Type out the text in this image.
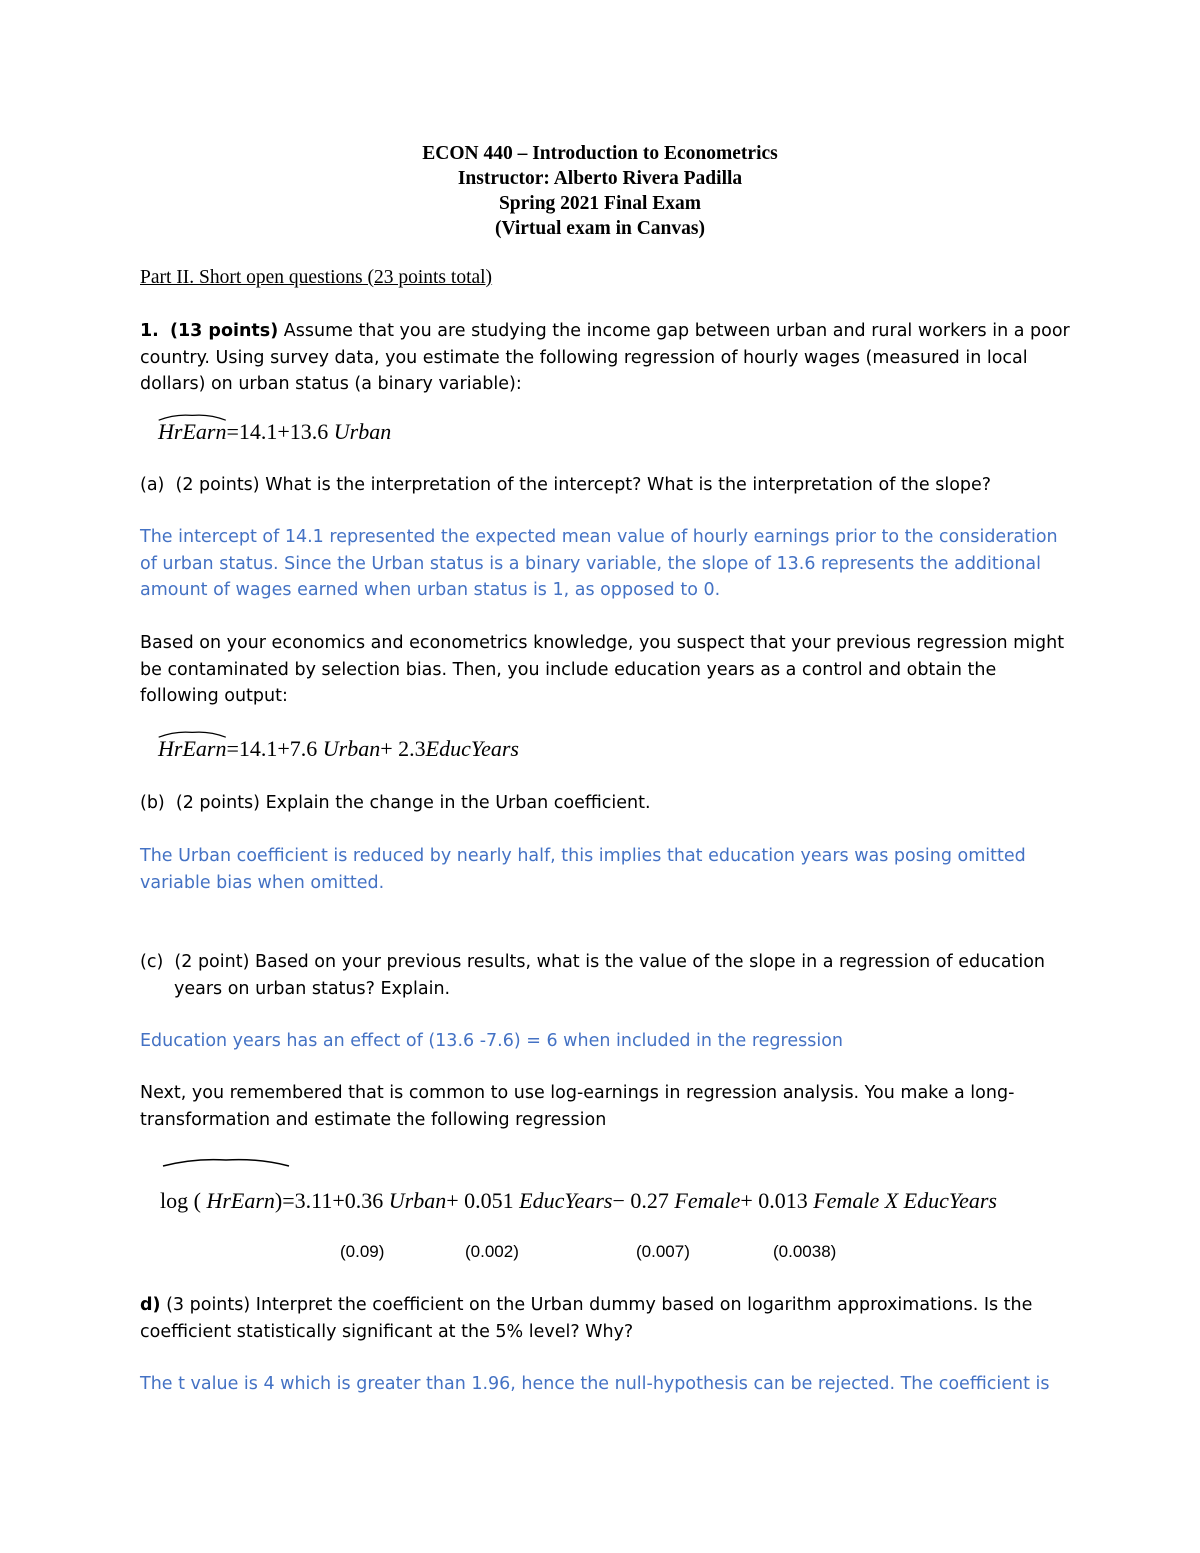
ECON 440 – Introduction to Econometrics
Instructor: Alberto Rivera Padilla
Spring 2021 Final Exam
(Virtual exam in Canvas)
Part II. Short open questions (23 points total)
1. (13 points) Assume that you are studying the income gap between urban and rural workers in a poor
country. Using survey data, you estimate the following regression of hourly wages (measured in local
dollars) on urban status (a binary variable):
HrEarn=14.1+13.6 Urban
(a) (2 points) What is the interpretation of the intercept? What is the interpretation of the slope?
The intercept of 14.1 represented the expected mean value of hourly earnings prior to the consideration
of urban status. Since the Urban status is a binary variable, the slope of 13.6 represents the additional
amount of wages earned when urban status is 1, as opposed to 0.
Based on your economics and econometrics knowledge, you suspect that your previous regression might
be contaminated by selection bias. Then, you include education years as a control and obtain the
following output:
HrEarn=14.1+7.6 Urban+ 2.3EducYears
(b) (2 points) Explain the change in the Urban coefficient.
The Urban coefficient is reduced by nearly half, this implies that education years was posing omitted
variable bias when omitted.
(c) (2 point) Based on your previous results, what is the value of the slope in a regression of education
years on urban status? Explain.
Education years has an effect of (13.6 -7.6) = 6 when included in the regression
Next, you remembered that is common to use log-earnings in regression analysis. You make a long-
transformation and estimate the following regression
log ( HrEarn)=3.11+0.36 Urban+ 0.051 EducYears− 0.27 Female+ 0.013 Female X EducYears
(0.09)	(0.002)	(0.007)	(0.0038)
d) (3 points) Interpret the coefficient on the Urban dummy based on logarithm approximations. Is the
coefficient statistically significant at the 5% level? Why?
The t value is 4 which is greater than 1.96, hence the null-hypothesis can be rejected. The coefficient is
